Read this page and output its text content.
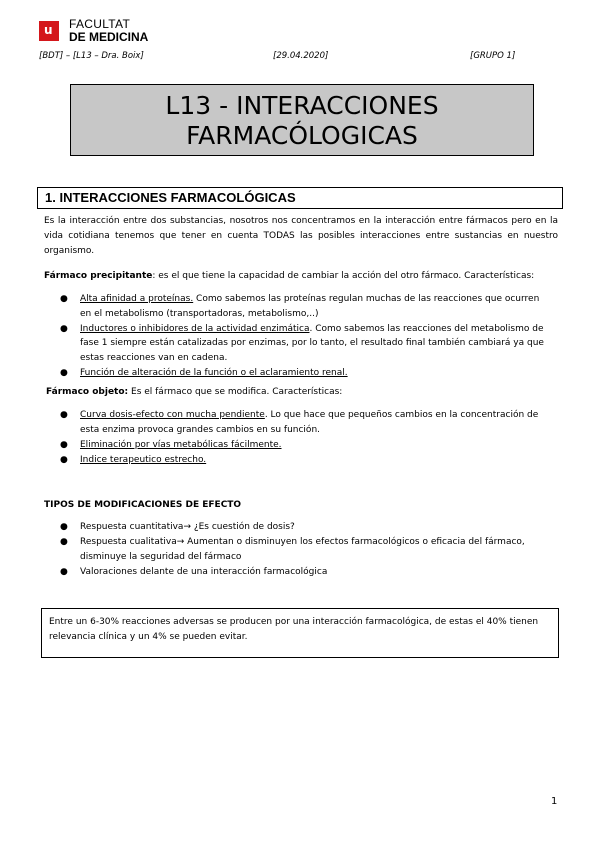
u FACULTAT
DE MEDICINA
[BDT] – [L13 – Dra. Boix]	[29.04.2020]	[GRUPO 1]
L13 - INTERACCIONES
FARMACÓLOGICAS
1. INTERACCIONES FARMACOLÓGICAS
Es la interacción entre dos substancias, nosotros nos concentramos en la interacción entre fármacos pero en la vida cotidiana tenemos que tener en cuenta TODAS las posibles interacciones entre sustancias en nuestro organismo.
Fármaco precipitante: es el que tiene la capacidad de cambiar la acción del otro fármaco. Características:
● Alta afinidad a proteínas. Como sabemos las proteínas regulan muchas de las reacciones que ocurren en el metabolismo (transportadoras, metabolismo,..)
● Inductores o inhibidores de la actividad enzimática. Como sabemos las reacciones del metabolismo de fase 1 siempre están catalizadas por enzimas, por lo tanto, el resultado final también cambiará ya que estas reacciones van en cadena.
● Función de alteración de la función o el aclaramiento renal.
Fármaco objeto: Es el fármaco que se modifica. Características:
● Curva dosis-efecto con mucha pendiente. Lo que hace que pequeños cambios en la concentración de esta enzima provoca grandes cambios en su función.
● Eliminación por vías metabólicas fácilmente.
● Indice terapeutico estrecho.
TIPOS DE MODIFICACIONES DE EFECTO
● Respuesta cuantitativa→ ¿Es cuestión de dosis?
● Respuesta cualitativa→ Aumentan o disminuyen los efectos farmacológicos o eficacia del fármaco, disminuye la seguridad del fármaco
● Valoraciones delante de una interacción farmacológica
Entre un 6-30% reacciones adversas se producen por una interacción farmacológica, de estas el 40% tienen relevancia clínica y un 4% se pueden evitar.
1
